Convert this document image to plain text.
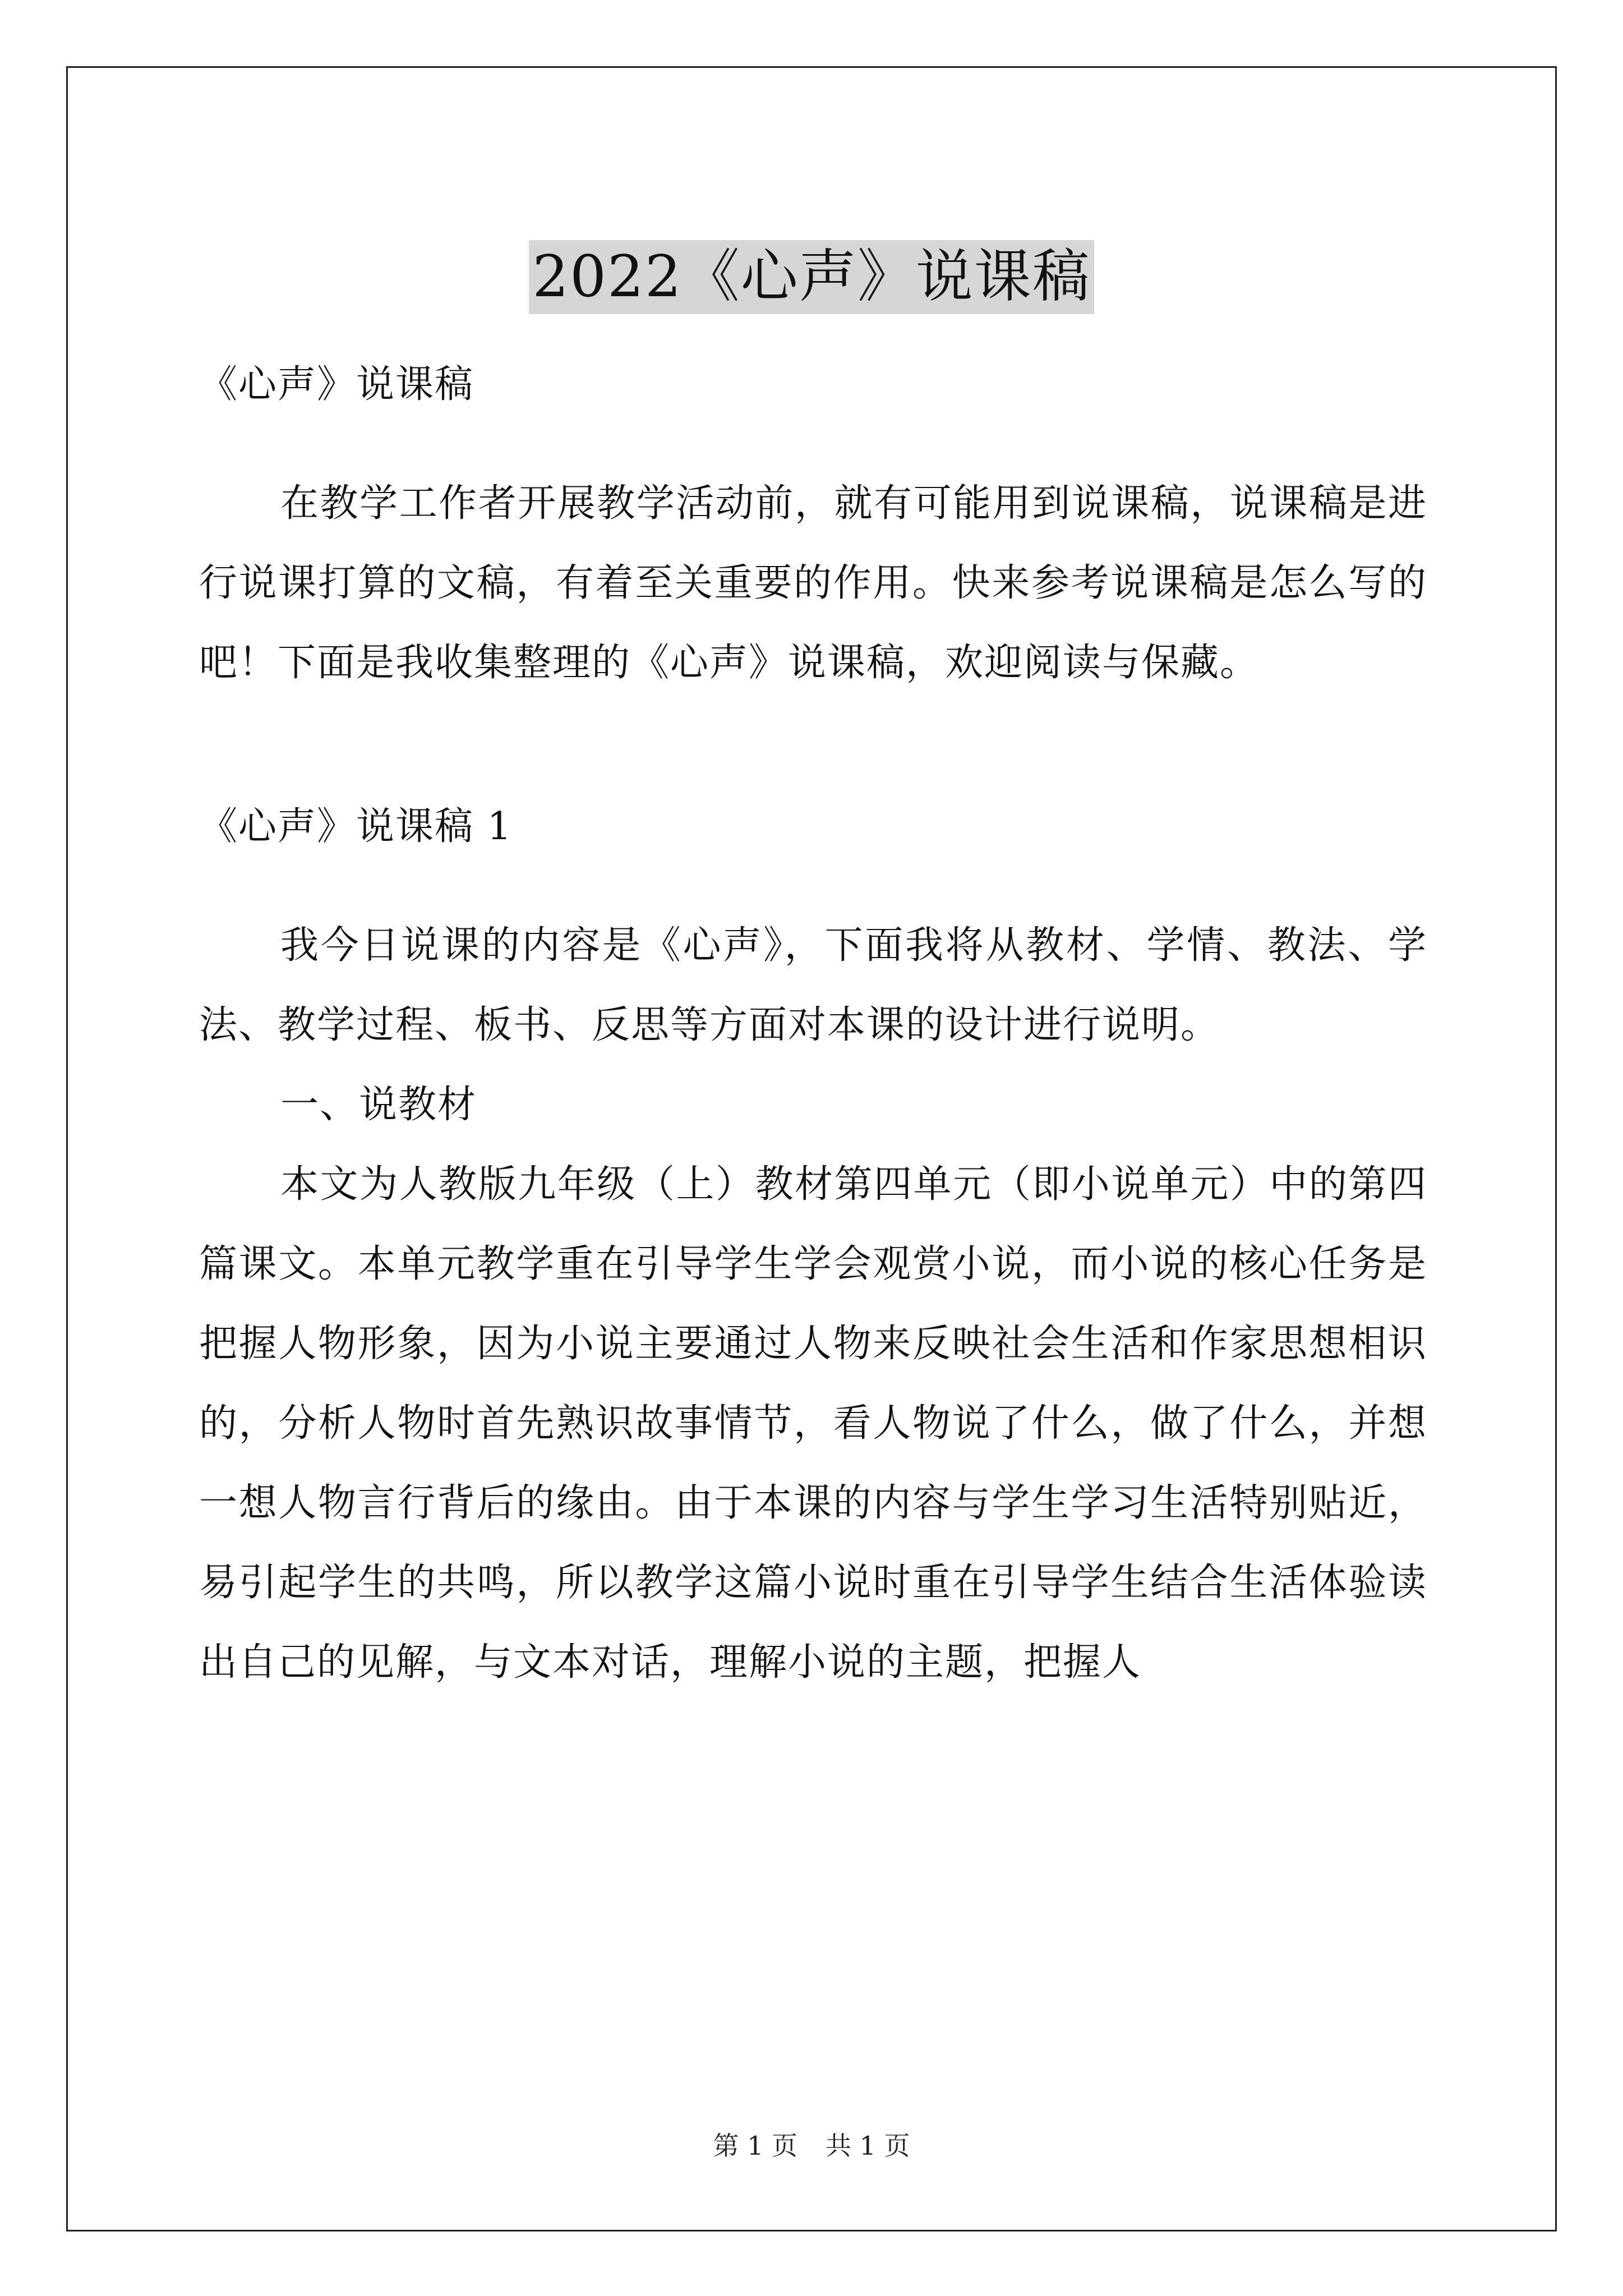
2022《心声》说课稿

《心声》说课稿

在教学工作者开展教学活动前，就有可能用到说课稿，说课稿是进行说课打算的文稿，有着至关重要的作用。快来参考说课稿是怎么写的吧！下面是我收集整理的《心声》说课稿，欢迎阅读与保藏。

《心声》说课稿 1

我今日说课的内容是《心声》，下面我将从教材、学情、教法、学法、教学过程、板书、反思等方面对本课的设计进行说明。

一、说教材

本文为人教版九年级（上）教材第四单元（即小说单元）中的第四篇课文。本单元教学重在引导学生学会观赏小说，而小说的核心任务是把握人物形象，因为小说主要通过人物来反映社会生活和作家思想相识的，分析人物时首先熟识故事情节，看人物说了什么，做了什么，并想一想人物言行背后的缘由。由于本课的内容与学生学习生活特别贴近，易引起学生的共鸣，所以教学这篇小说时重在引导学生结合生活体验读出自己的见解，与文本对话，理解小说的主题，把握人

第 1 页 共 1 页
